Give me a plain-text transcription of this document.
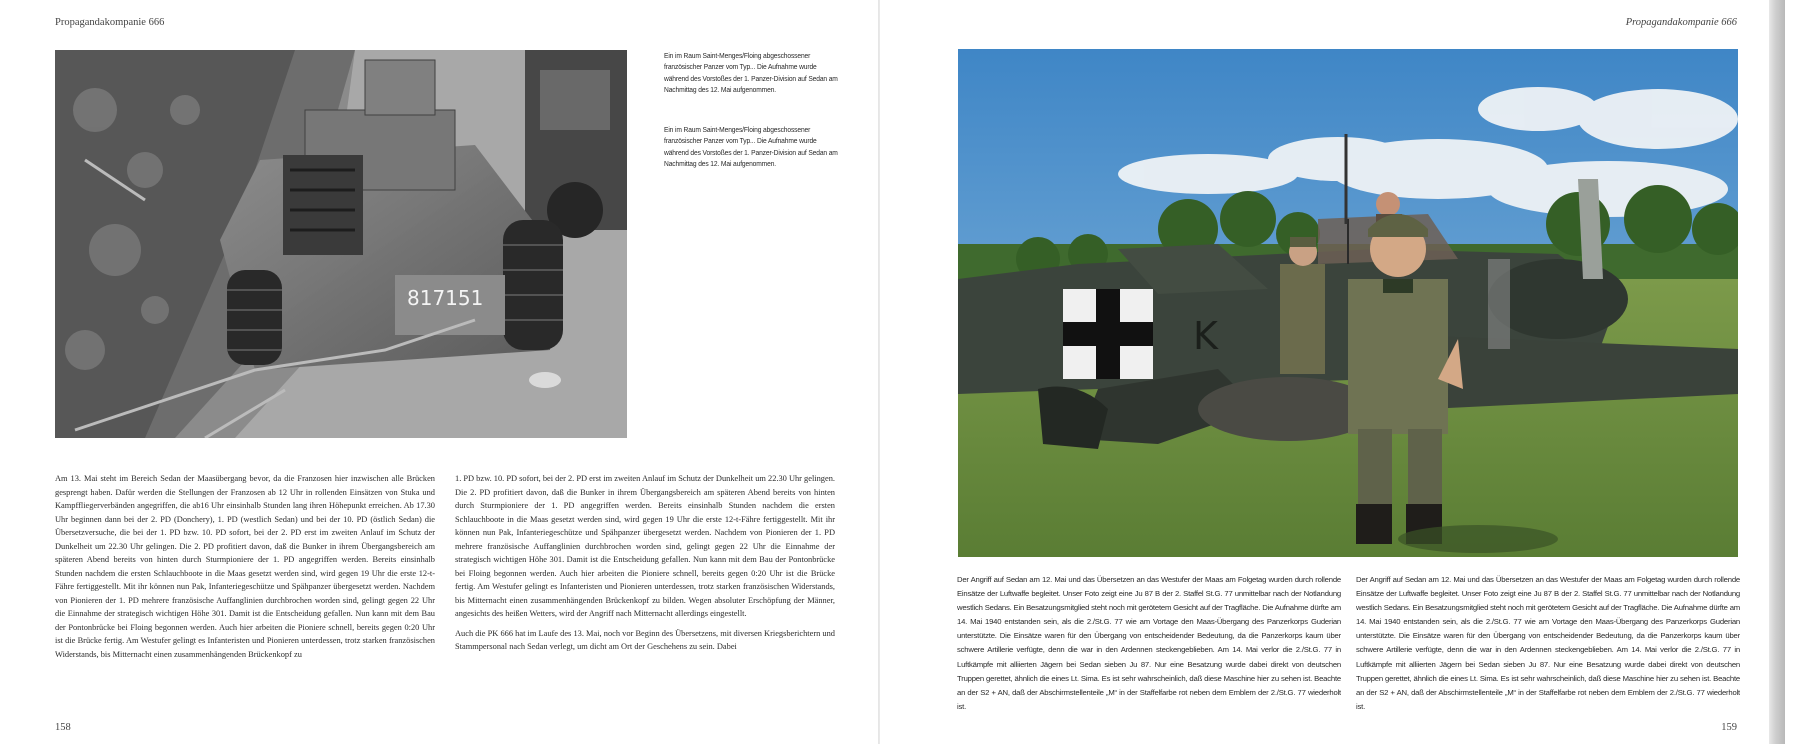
Propagandakompanie 666
817151
Ein im Raum Saint-Menges/Floing abgeschossener französischer Panzer vom Typ... Die Aufnahme wurde während des Vorstoßes der 1. Panzer-Division auf Sedan am Nachmittag des 12. Mai aufgenommen.
Ein im Raum Saint-Menges/Floing abgeschossener französischer Panzer vom Typ... Die Aufnahme wurde während des Vorstoßes der 1. Panzer-Division auf Sedan am Nachmittag des 12. Mai aufgenommen.

Am 13. Mai steht im Bereich Sedan der Maasübergang bevor, da die Franzosen hier inzwischen alle Brücken gesprengt haben. Dafür werden die Stellungen der Franzosen ab 12 Uhr in rollenden Einsätzen von Stuka und Kampffliegerverbänden angegriffen, die ab16 Uhr einsinhalb Stunden lang ihren Höhepunkt erreichen. Ab 17.30 Uhr beginnen dann bei der 2. PD (Donchery), 1. PD (westlich Sedan) und bei der 10. PD (östlich Sedan) die Übersetzversuche, die bei der 1. PD bzw. 10. PD sofort, bei der 2. PD erst im zweiten Anlauf im Schutz der Dunkelheit um 22.30 Uhr gelingen. Die 2. PD profitiert davon, daß die Bunker in ihrem Übergangsbereich am späteren Abend bereits von hinten durch Sturmpioniere der 1. PD angegriffen werden. Bereits einsinhalb Stunden nachdem die ersten Schlauchboote in die Maas gesetzt werden sind, wird gegen 19 Uhr die erste 12-t-Fähre fertiggestellt. Mit ihr können nun Pak, Infanteriegeschütze und Spähpanzer übergesetzt werden. Nachdem von Pionieren der 1. PD mehrere französische Auffanglinien durchbrochen worden sind, gelingt gegen 22 Uhr die Einnahme der strategisch wichtigen Höhe 301. Damit ist die Entscheidung gefallen. Nun kann mit dem Bau der Pontonbrücke bei Floing begonnen werden. Auch hier arbeiten die Pioniere schnell, bereits gegen 0:20 Uhr ist die Brücke fertig. Am Westufer gelingt es Infanteristen und Pionieren unterdessen, trotz starken französischen Widerstands, bis Mitternacht einen zusammenhängenden Brückenkopf zu

1. PD bzw. 10. PD sofort, bei der 2. PD erst im zweiten Anlauf im Schutz der Dunkelheit um 22.30 Uhr gelingen. Die 2. PD profitiert davon, daß die Bunker in ihrem Übergangsbereich am späteren Abend bereits von hinten durch Sturmpioniere der 1. PD angegriffen werden. Bereits einsinhalb Stunden nachdem die ersten Schlauchboote in die Maas gesetzt werden sind, wird gegen 19 Uhr die erste 12-t-Fähre fertiggestellt. Mit ihr können nun Pak, Infanteriegeschütze und Spähpanzer übergesetzt werden. Nachdem von Pionieren der 1. PD mehrere französische Auffanglinien durchbrochen worden sind, gelingt gegen 22 Uhr die Einnahme der strategisch wichtigen Höhe 301. Damit ist die Entscheidung gefallen. Nun kann mit dem Bau der Pontonbrücke bei Floing begonnen werden. Auch hier arbeiten die Pioniere schnell, bereits gegen 0:20 Uhr ist die Brücke fertig. Am Westufer gelingt es Infanteristen und Pionieren unterdessen, trotz starken französischen Widerstands, bis Mitternacht einen zusammenhängenden Brückenkopf zu bilden. Wegen absoluter Erschöpfung der Männer, angesichts des heißen Wetters, wird der Angriff nach Mitternacht allerdings eingestellt.

Auch die PK 666 hat im Laufe des 13. Mai, noch vor Beginn des Übersetzens, mit diversen Kriegsberichtern und Stammpersonal nach Sedan verlegt, um dicht am Ort der Geschehens zu sein. Dabei

158
Propagandakompanie 666
K
Der Angriff auf Sedan am 12. Mai und das Übersetzen an das Westufer der Maas am Folgetag wurden durch rollende Einsätze der Luftwaffe begleitet. Unser Foto zeigt eine Ju 87 B der 2. Staffel St.G. 77 unmittelbar nach der Notlandung westlich Sedans. Ein Besatzungsmitglied steht noch mit gerötetem Gesicht auf der Tragfläche. Die Aufnahme dürfte am 14. Mai 1940 entstanden sein, als die 2./St.G. 77 wie am Vortage den Maas-Übergang des Panzerkorps Guderian unterstützte. Die Einsätze waren für den Übergang von entscheidender Bedeutung, da die Panzerkorps kaum über schwere Artillerie verfügte, denn die war in den Ardennen steckengeblieben. Am 14. Mai verlor die 2./St.G. 77 in Luftkämpfe mit alliierten Jägern bei Sedan sieben Ju 87. Nur eine Besatzung wurde dabei direkt von deutschen Truppen gerettet, ähnlich die eines Lt. Sima. Es ist sehr wahrscheinlich, daß diese Maschine hier zu sehen ist. Beachte an der S2 + AN, daß der Abschirmstellenteile „M“ in der Staffelfarbe rot neben dem Emblem der 2./St.G. 77 wiederholt ist.
Der Angriff auf Sedan am 12. Mai und das Übersetzen an das Westufer der Maas am Folgetag wurden durch rollende Einsätze der Luftwaffe begleitet. Unser Foto zeigt eine Ju 87 B der 2. Staffel St.G. 77 unmittelbar nach der Notlandung westlich Sedans. Ein Besatzungsmitglied steht noch mit gerötetem Gesicht auf der Tragfläche. Die Aufnahme dürfte am 14. Mai 1940 entstanden sein, als die 2./St.G. 77 wie am Vortage den Maas-Übergang des Panzerkorps Guderian unterstützte. Die Einsätze waren für den Übergang von entscheidender Bedeutung, da die Panzerkorps kaum über schwere Artillerie verfügte, denn die war in den Ardennen steckengeblieben. Am 14. Mai verlor die 2./St.G. 77 in Luftkämpfe mit alliierten Jägern bei Sedan sieben Ju 87. Nur eine Besatzung wurde dabei direkt von deutschen Truppen gerettet, ähnlich die eines Lt. Sima. Es ist sehr wahrscheinlich, daß diese Maschine hier zu sehen ist. Beachte an der S2 + AN, daß der Abschirmstellenteile „M“ in der Staffelfarbe rot neben dem Emblem der 2./St.G. 77 wiederholt ist.
159
